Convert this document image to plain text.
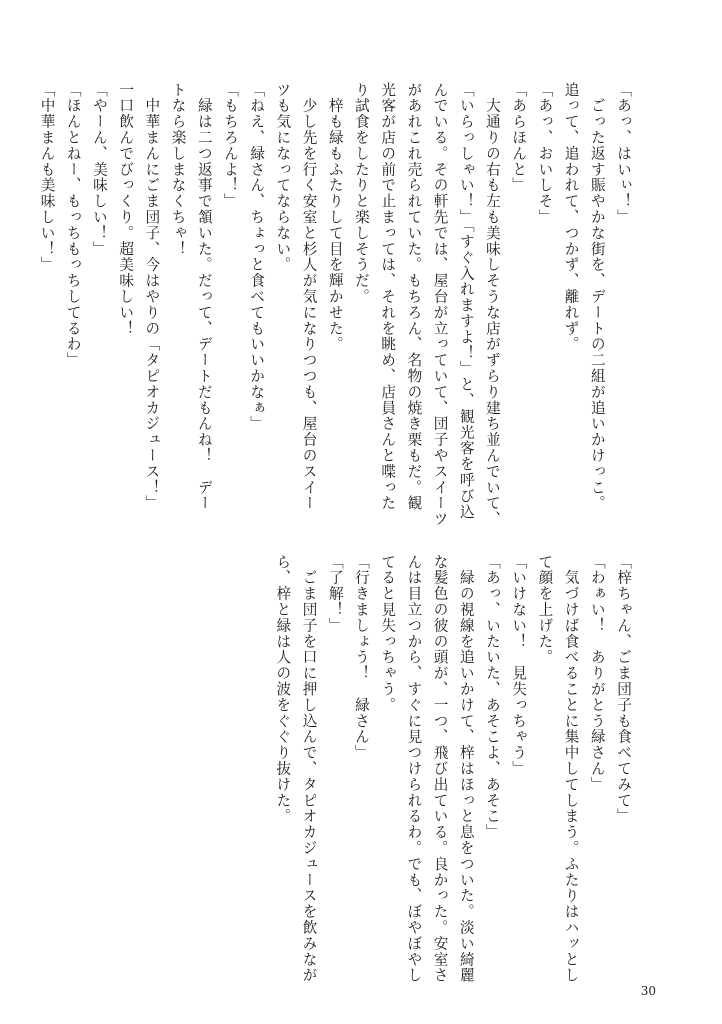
「あっ、はいぃ！」
　ごった返す賑やかな街を、デートの二組が追いかけっこ。
追って、追われて、つかず、離れず。
「あっ、おいしそ」
「あらほんと」
　大通りの右も左も美味しそうな店がずらり建ち並んでいて、
「いらっしゃい！」「すぐ入れますよ！」と、観光客を呼び込
んでいる。その軒先では、屋台が立っていて、団子やスイーツ
があれこれ売られていた。もちろん、名物の焼き栗もだ。観
光客が店の前で止まっては、それを眺め、店員さんと喋った
り試食をしたりと楽しそうだ。
　梓も緑もふたりして目を輝かせた。
　少し先を行く安室と杉人が気になりつつも、屋台のスイー
ツも気になってならない。
「ねえ、緑さん、ちょっと食べてもいいかなぁ」
「もちろんよ！」
　緑は二つ返事で頷いた。だって、デートだもんね！　デー
トなら楽しまなくちゃ！
　中華まんにごま団子、今はやりの「タピオカジュース！」
一口飲んでびっくり。超美味しい！
「やーん、美味しい！」
「ほんとねー、もっちもっちしてるわ」
「中華まんも美味しい！」
「梓ちゃん、ごま団子も食べてみて」
「わぁい！　ありがとう緑さん」
　気づけば食べることに集中してしまう。ふたりはハッとし
て顔を上げた。
「いけない！　見失っちゃう」
「あっ、いたいた、あそこよ、あそこ」
　緑の視線を追いかけて、梓はほっと息をついた。淡い綺麗
な髪色の彼の頭が、一つ、飛び出ている。良かった。安室さ
んは目立つから、すぐに見つけられるわ。でも、ぼやぼやし
てると見失っちゃう。
「行きましょう！　緑さん」
「了解！」
　ごま団子を口に押し込んで、タピオカジュースを飲みなが
ら、梓と緑は人の波をぐぐり抜けた。
30
